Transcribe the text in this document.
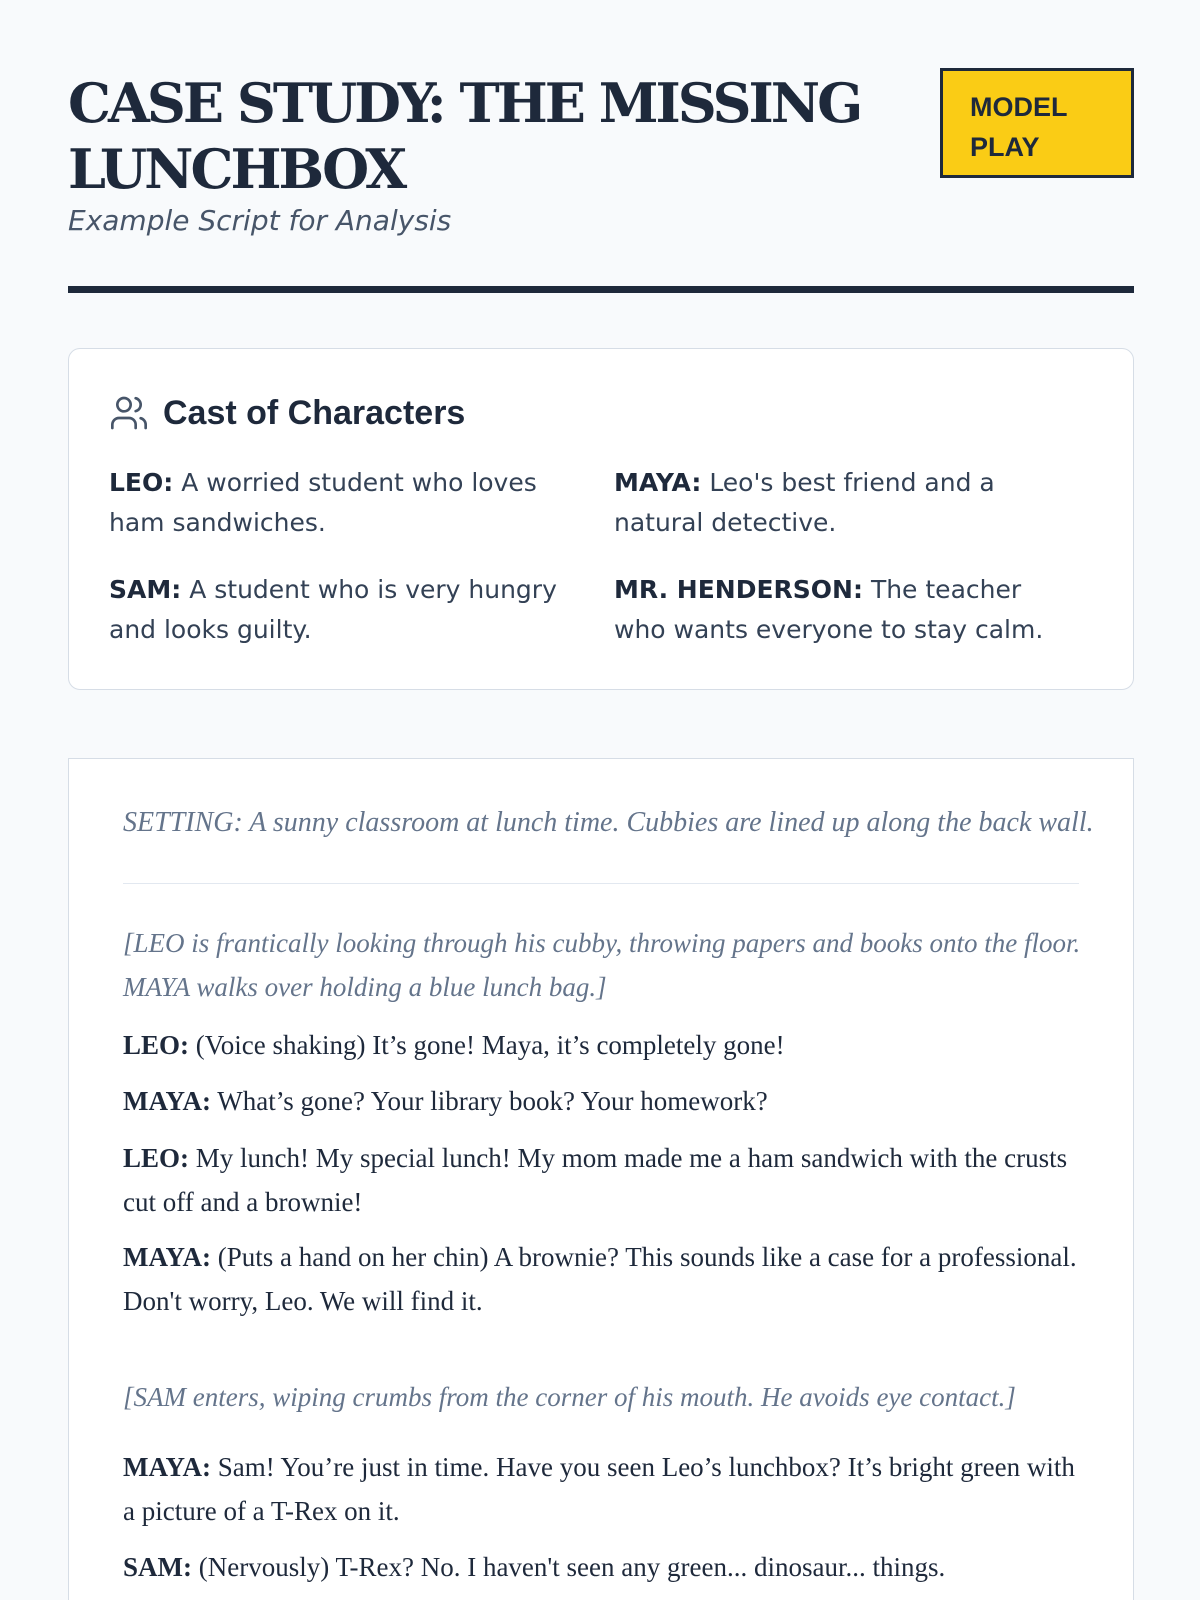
CASE STUDY: THE MISSING LUNCHBOX
Example Script for Analysis
MODEL PLAY
Cast of Characters
LEO: A worried student who loves ham sandwiches.
MAYA: Leo's best friend and a natural detective.
SAM: A student who is very hungry and looks guilty.
MR. HENDERSON: The teacher who wants everyone to stay calm.
SETTING: A sunny classroom at lunch time. Cubbies are lined up along the back wall.
[LEO is frantically looking through his cubby, throwing papers and books onto the floor. MAYA walks over holding a blue lunch bag.]
LEO: (Voice shaking) It’s gone! Maya, it’s completely gone!
MAYA: What’s gone? Your library book? Your homework?
LEO: My lunch! My special lunch! My mom made me a ham sandwich with the crusts cut off and a brownie!
MAYA: (Puts a hand on her chin) A brownie? This sounds like a case for a professional. Don't worry, Leo. We will find it.
[SAM enters, wiping crumbs from the corner of his mouth. He avoids eye contact.]
MAYA: Sam! You’re just in time. Have you seen Leo’s lunchbox? It’s bright green with a picture of a T-Rex on it.
SAM: (Nervously) T-Rex? No. I haven't seen any green... dinosaur... things.
